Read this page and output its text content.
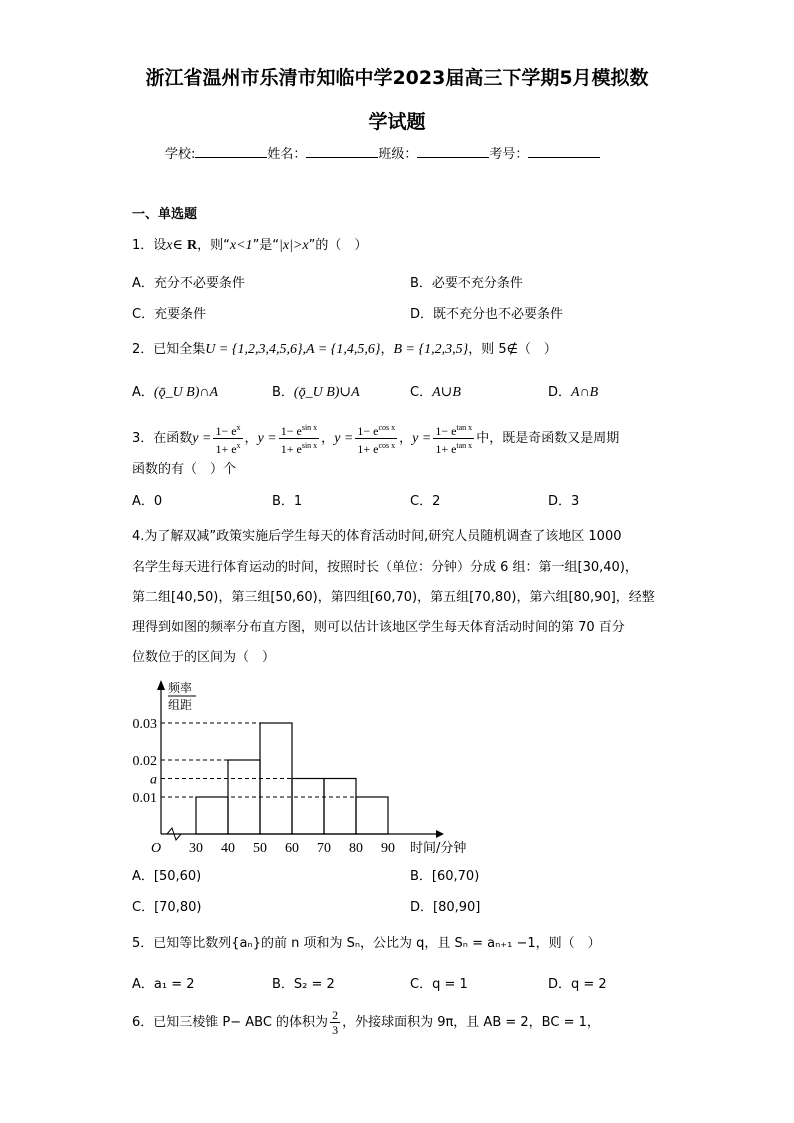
浙江省温州市乐清市知临中学2023届高三下学期5月模拟数
学试题
学校:	姓名：	班级：	考号：
一、单选题
1．设x∈ R，则“x<1”是“|x|>x”的（　）
A．充分不必要条件	B．必要不充分条件
C．充要条件	D．既不充分也不必要条件
2．已知全集U = {1,2,3,4,5,6},A = {1,4,5,6}，B = {1,2,3,5}，则 5∉（　）
A．(ǭ_U B)∩A	B．(ǭ_U B)∪A	C．A∪B	D．A∩B
3．在函数$y = \frac{1- e^x}{1+ e^x}$ ，$y = \frac{1- e^{sin x}}{1+ e^{sin x}}$ ，$y = \frac{1- e^{cos x}}{1+ e^{cos x}}$ ，$y = \frac{1- e^{tan x}}{1+ e^{tan x}}$ 中，既是奇函数又是周期
函数的有（　）个
A．0	B．1	C．2	D．3
4.为了解双减”政策实施后学生每天的体育活动时间,研究人员随机调查了该地区 1000
名学生每天进行体育运动的时间，按照时长（单位：分钟）分成 6 组：第一组[30,40)，
第二组[40,50)，第三组[50,60)，第四组[60,70)，第五组[70,80)，第六组[80,90]，经整
理得到如图的频率分布直方图，则可以估计该地区学生每天体育活动时间的第 70 百分
位数位于的区间为（　）
0.03
0.02
a
0.01
30 40 50 60 70 80 90
O	时间/分钟
频率
组距
A．[50,60)	B．[60,70)
C．[70,80)	D．[80,90]
5．已知等比数列{aₙ}的前 n 项和为 Sₙ，公比为 q，且 Sₙ = aₙ₊₁ −1，则（　）
A．a₁ = 2	B．S₂ = 2	C．q = 1	D．q = 2
6．已知三棱锥 P− ABC 的体积为 $\frac{2}{3}$ ，外接球面积为 9π，且 AB = 2，BC = 1，
